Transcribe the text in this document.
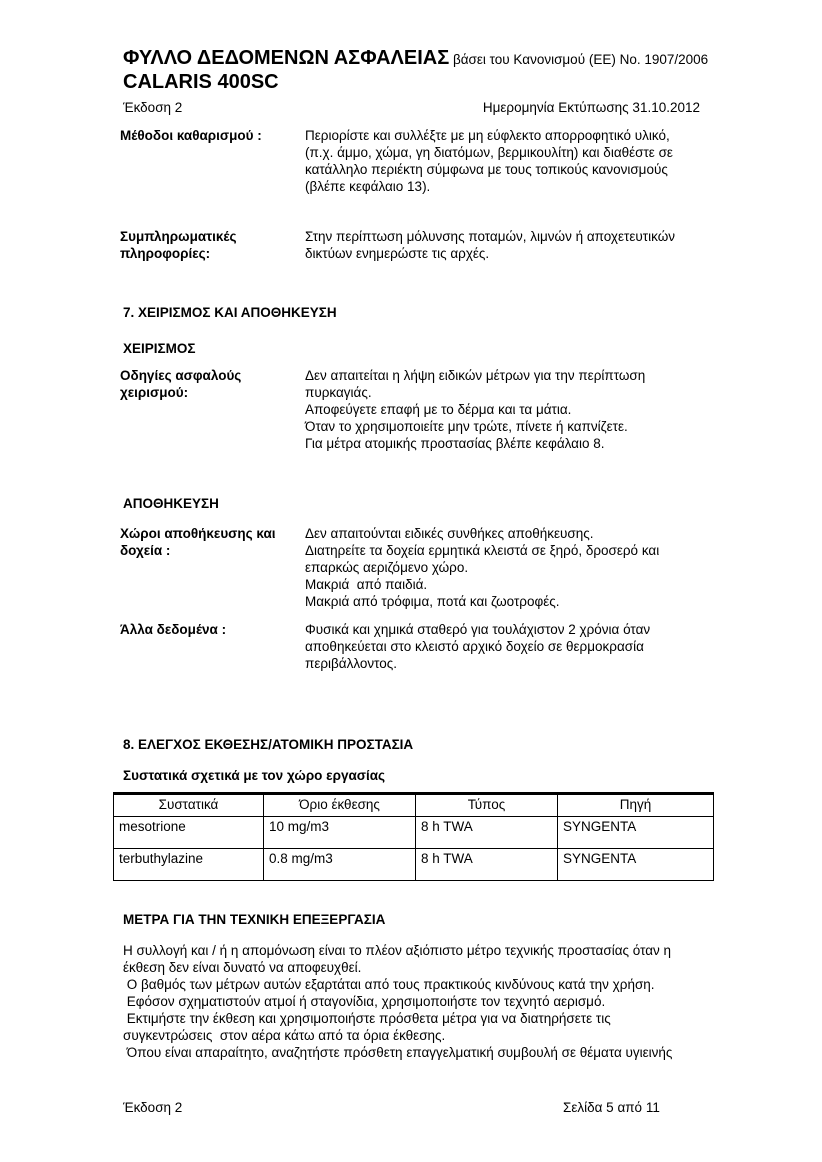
ΦΥΛΛΟ ΔΕΔΟΜΕΝΩΝ ΑΣΦΑΛΕΙΑΣ βάσει του Κανονισμού (ΕΕ) No. 1907/2006
CALARIS 400SC
Έκδοση 2	Ημερομηνία Εκτύπωσης 31.10.2012
Μέθοδοι καθαρισμού :	Περιορίστε και συλλέξτε με μη εύφλεκτο απορροφητικό υλικό,
(π.χ. άμμο, χώμα, γη διατόμων, βερμικουλίτη) και διαθέστε σε
κατάλληλο περιέκτη σύμφωνα με τους τοπικούς κανονισμούς
(βλέπε κεφάλαιο 13).
Συμπληρωματικές πληροφορίες:
Στην περίπτωση μόλυνσης ποταμών, λιμνών ή αποχετευτικών
δικτύων ενημερώστε τις αρχές.
7. ΧΕΙΡΙΣΜΟΣ ΚΑΙ ΑΠΟΘΗΚΕΥΣΗ
ΧΕΙΡΙΣΜΟΣ
Οδηγίες ασφαλούς χειρισμού:
Δεν απαιτείται η λήψη ειδικών μέτρων για την περίπτωση
πυρκαγιάς.
Αποφεύγετε επαφή με το δέρμα και τα μάτια.
Όταν το χρησιμοποιείτε μην τρώτε, πίνετε ή καπνίζετε.
Για μέτρα ατομικής προστασίας βλέπε κεφάλαιο 8.
ΑΠΟΘΗΚΕΥΣΗ
Χώροι αποθήκευσης και δοχεία :
Δεν απαιτούνται ειδικές συνθήκες αποθήκευσης.
Διατηρείτε τα δοχεία ερμητικά κλειστά σε ξηρό, δροσερό και
επαρκώς αεριζόμενο χώρο.
Μακριά  από παιδιά.
Μακριά από τρόφιμα, ποτά και ζωοτροφές.
Άλλα δεδομένα :	Φυσικά και χημικά σταθερό για τουλάχιστον 2 χρόνια όταν
αποθηκεύεται στο κλειστό αρχικό δοχείο σε θερμοκρασία
περιβάλλοντος.
8. ΕΛΕΓΧΟΣ ΕΚΘΕΣΗΣ/ΑΤΟΜΙΚΗ ΠΡΟΣΤΑΣΙΑ
Συστατικά σχετικά με τον χώρο εργασίας
Συστατικά	Όριο έκθεσης	Τύπος	Πηγή
mesotrione	10 mg/m3	8 h TWA	SYNGENTA
terbuthylazine	0.8 mg/m3	8 h TWA	SYNGENTA
ΜΕΤΡΑ ΓΙΑ ΤΗΝ ΤΕΧΝΙΚΗ ΕΠΕΞΕΡΓΑΣΙΑ
Η συλλογή και / ή η απομόνωση είναι το πλέον αξιόπιστο μέτρο τεχνικής προστασίας όταν η
έκθεση δεν είναι δυνατό να αποφευχθεί.
Ο βαθμός των μέτρων αυτών εξαρτάται από τους πρακτικούς κινδύνους κατά την χρήση.
Εφόσον σχηματιστούν ατμοί ή σταγονίδια, χρησιμοποιήστε τον τεχνητό αερισμό.
Εκτιμήστε την έκθεση και χρησιμοποιήστε πρόσθετα μέτρα για να διατηρήσετε τις
συγκεντρώσεις  στον αέρα κάτω από τα όρια έκθεσης.
Όπου είναι απαραίτητο, αναζητήστε πρόσθετη επαγγελματική συμβουλή σε θέματα υγιεινής
Έκδοση 2	Σελίδα 5 από 11
